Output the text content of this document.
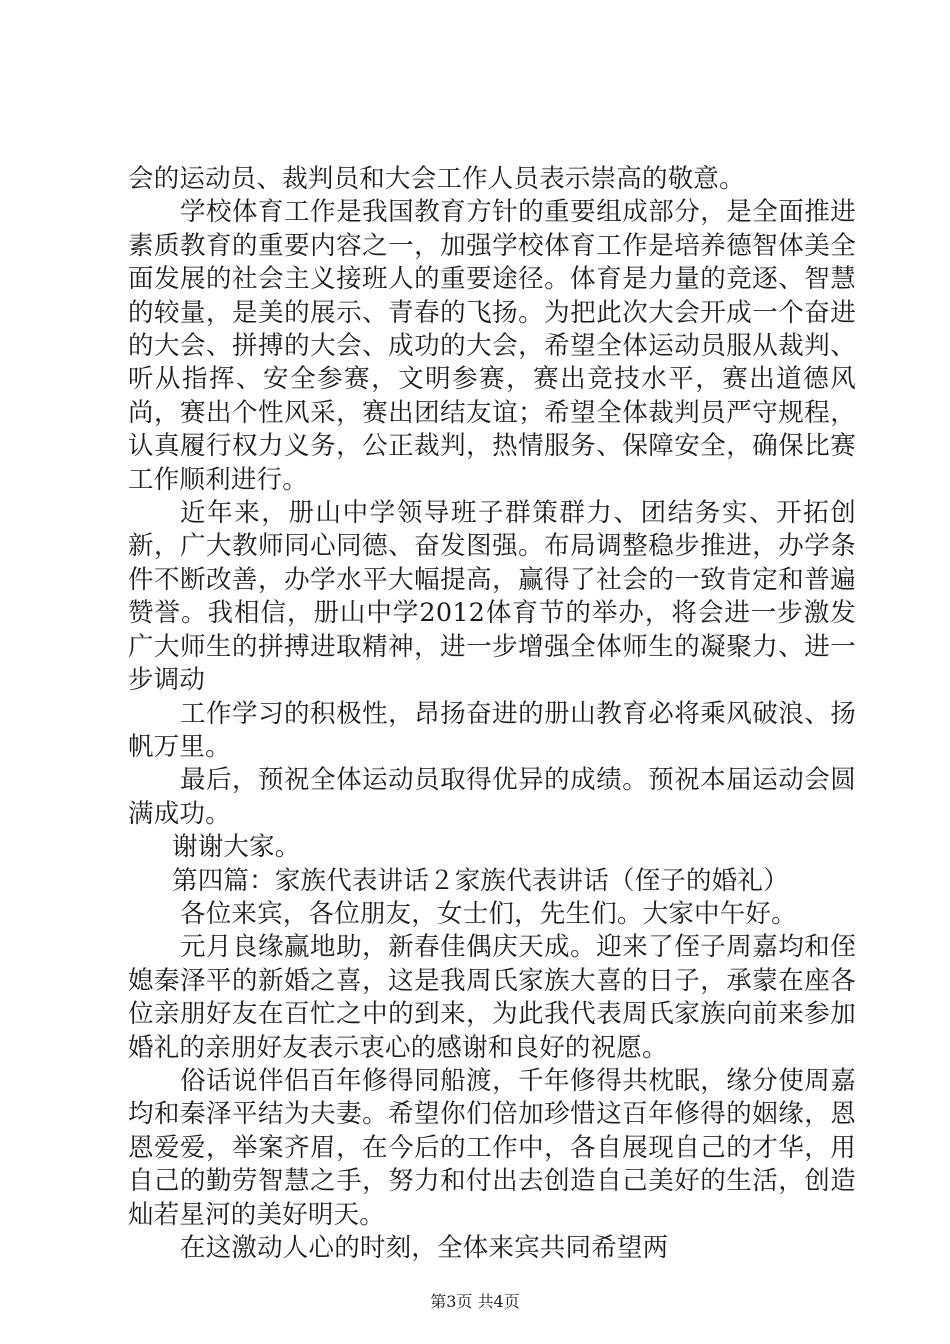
会的运动员、裁判员和大会工作人员表示崇高的敬意。

学校体育工作是我国教育方针的重要组成部分，是全面推进素质教育的重要内容之一，加强学校体育工作是培养德智体美全面发展的社会主义接班人的重要途径。体育是力量的竞逐、智慧的较量，是美的展示、青春的飞扬。为把此次大会开成一个奋进的大会、拼搏的大会、成功的大会，希望全体运动员服从裁判、听从指挥、安全参赛，文明参赛，赛出竞技水平，赛出道德风尚，赛出个性风采，赛出团结友谊；希望全体裁判员严守规程，认真履行权力义务，公正裁判，热情服务、保障安全，确保比赛工作顺利进行。

近年来，册山中学领导班子群策群力、团结务实、开拓创新，广大教师同心同德、奋发图强。布局调整稳步推进，办学条件不断改善，办学水平大幅提高，赢得了社会的一致肯定和普遍赞誉。我相信，册山中学2012体育节的举办，将会进一步激发广大师生的拼搏进取精神，进一步增强全体师生的凝聚力、进一步调动

工作学习的积极性，昂扬奋进的册山教育必将乘风破浪、扬帆万里。

最后，预祝全体运动员取得优异的成绩。预祝本届运动会圆满成功。

谢谢大家。

第四篇：家族代表讲话２家族代表讲话（侄子的婚礼）

各位来宾，各位朋友，女士们，先生们。大家中午好。

元月良缘赢地助，新春佳偶庆天成。迎来了侄子周嘉均和侄媳秦泽平的新婚之喜，这是我周氏家族大喜的日子，承蒙在座各位亲朋好友在百忙之中的到来，为此我代表周氏家族向前来参加婚礼的亲朋好友表示衷心的感谢和良好的祝愿。

俗话说伴侣百年修得同船渡，千年修得共枕眠，缘分使周嘉均和秦泽平结为夫妻。希望你们倍加珍惜这百年修得的姻缘，恩恩爱爱，举案齐眉，在今后的工作中，各自展现自己的才华，用自己的勤劳智慧之手，努力和付出去创造自己美好的生活，创造灿若星河的美好明天。

在这激动人心的时刻，全体来宾共同希望两

第3页 共4页
